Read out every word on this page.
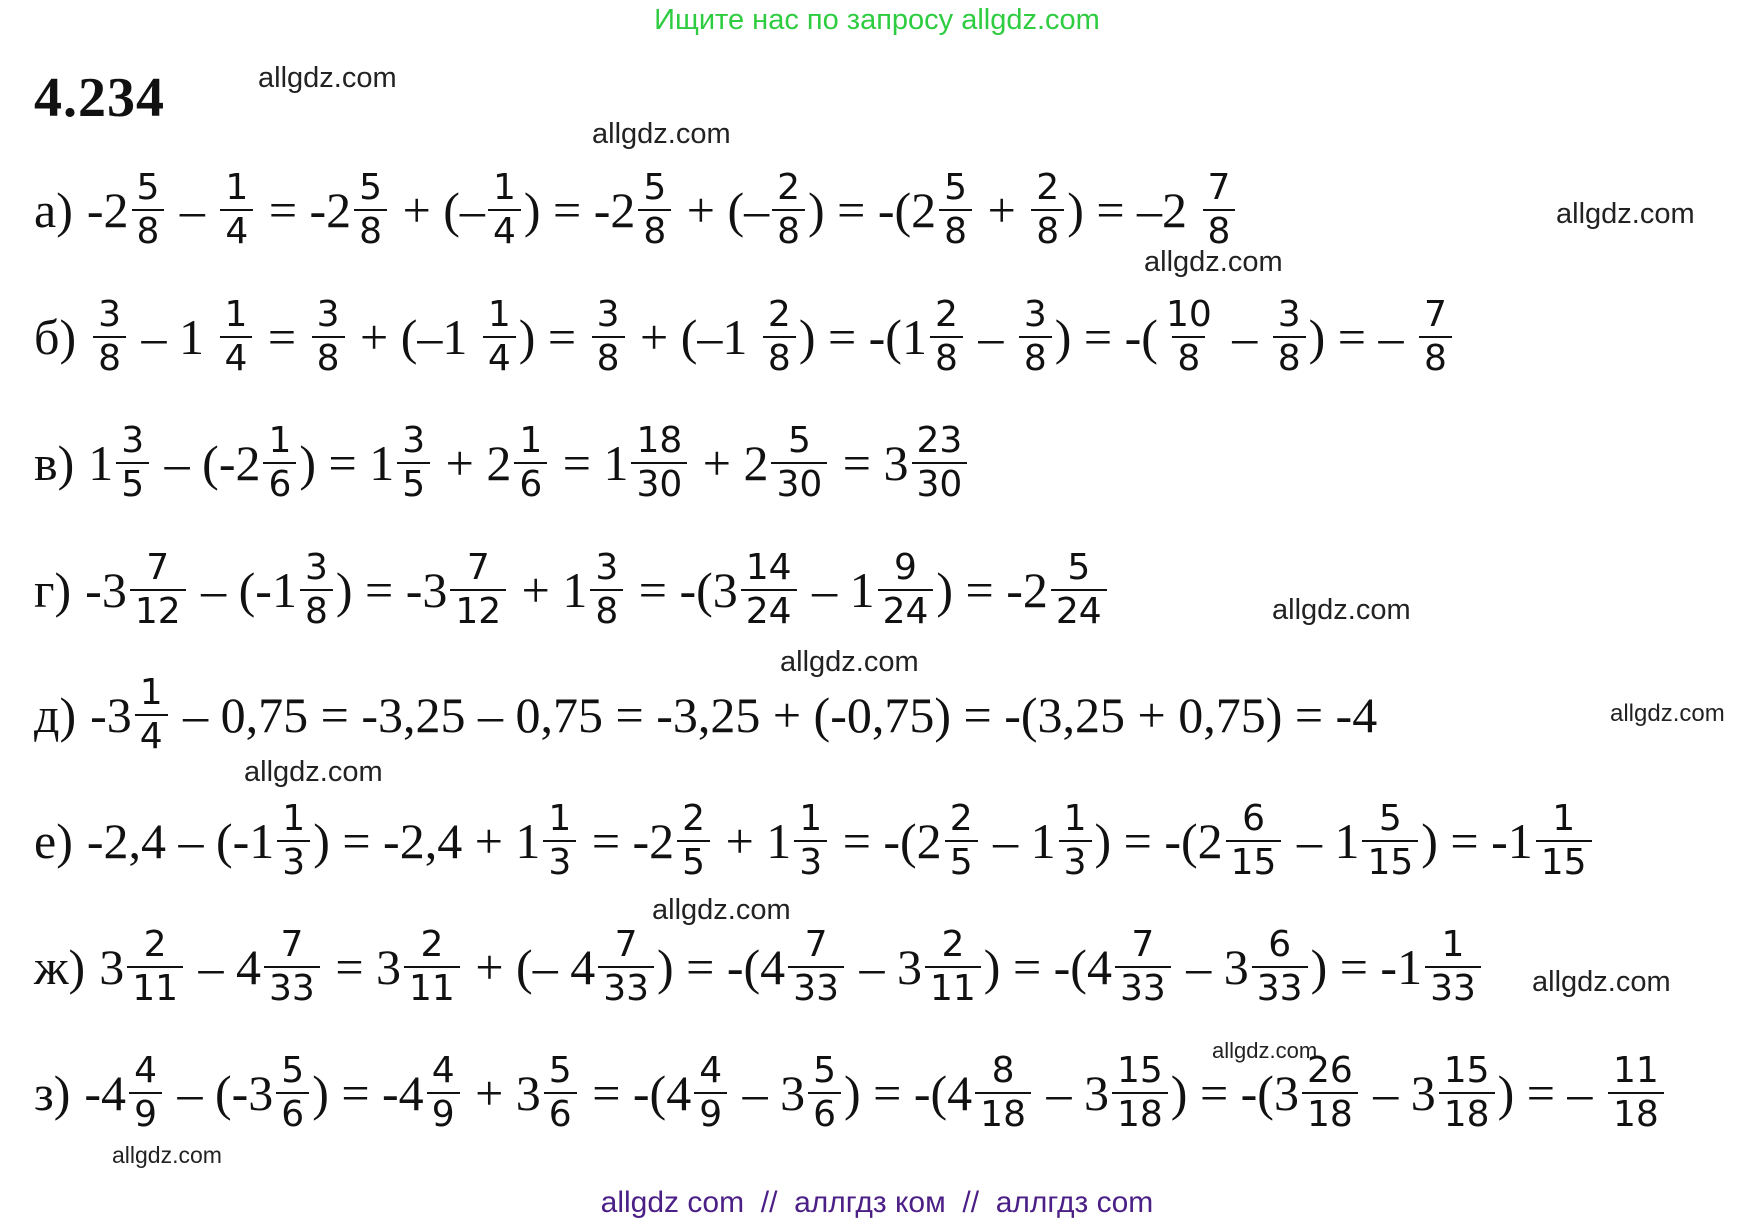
Ищите нас по запросу allgdz.com
4.234	allgdz.com
allgdz.com
allgdz.com
allgdz.com
allgdz.com
allgdz.com
allgdz.com
allgdz.com
allgdz.com
allgdz.com
allgdz.com
allgdz.com
а) $-2 \frac{5}{8} - \frac{1}{4} = -2 \frac{5}{8}$ + (– $\frac{1}{4}$ ) = $-2 \frac{5}{8}$ + (– $\frac{2}{8}$ ) = $-(2 \frac{5}{8} + \frac{2}{8}$ ) = $-2 \frac{7}{8}$
$б) \frac{3}{8} - 1 \frac{1}{4} = \frac{3}{8} + (-1 \frac{1}{4}$ ) = $\frac{3}{8} + (-1 \frac{2}{8}$ ) = $-(1 \frac{2}{8} - \frac{3}{8}$ ) = -( $\frac{10}{8} - \frac{3}{8}$ ) = – $\frac{7}{8}$
в) $1 \frac{3}{5} - (-2 \frac{1}{6}$ ) = $1 \frac{3}{5} + 2 \frac{1}{6} = 1 \frac{18}{30} + 2 \frac{5}{30} = 3 \frac{23}{30}$
г) $-3 \frac{7}{12} - (-1 \frac{3}{8}$ ) = $-3 \frac{7}{12} + 1 \frac{3}{8} = -(3 \frac{14}{24} - 1 \frac{9}{24}$ ) = $-2 \frac{5}{24}$
д) $-3 \frac{1}{4} - 0,75 = -3,25 - 0,75 = -3,25 + (-0,75) = -(3,25 + 0,75) = -4$
е) $-2,4 - (-1 \frac{1}{3}$ ) = $-2,4 + 1 \frac{1}{3} = -2 \frac{2}{5} + 1 \frac{1}{3} = -(2 \frac{2}{5} - 1 \frac{1}{3}$ ) = $-(2 \frac{6}{15} - 1 \frac{5}{15}$ ) = $-1 \frac{1}{15}$
ж) $3 \frac{2}{11} - 4 \frac{7}{33} = 3 \frac{2}{11}$ + (– $4 \frac{7}{33}$ ) = $-(4 \frac{7}{33} - 3 \frac{2}{11}$ ) = $-(4 \frac{7}{33} - 3 \frac{6}{33}$ ) = $-1 \frac{1}{33}$
з) $-4 \frac{4}{9} - (-3 \frac{5}{6}$ ) = $-4 \frac{4}{9} + 3 \frac{5}{6} = -(4 \frac{4}{9} - 3 \frac{5}{6}$ ) = $-(4 \frac{8}{18} - 3 \frac{15}{18}$ ) = $-(3 \frac{26}{18} - 3 \frac{15}{18}$ ) = – $\frac{11}{18}$
allgdz com  //  аллгдз ком  //  аллгдз com
